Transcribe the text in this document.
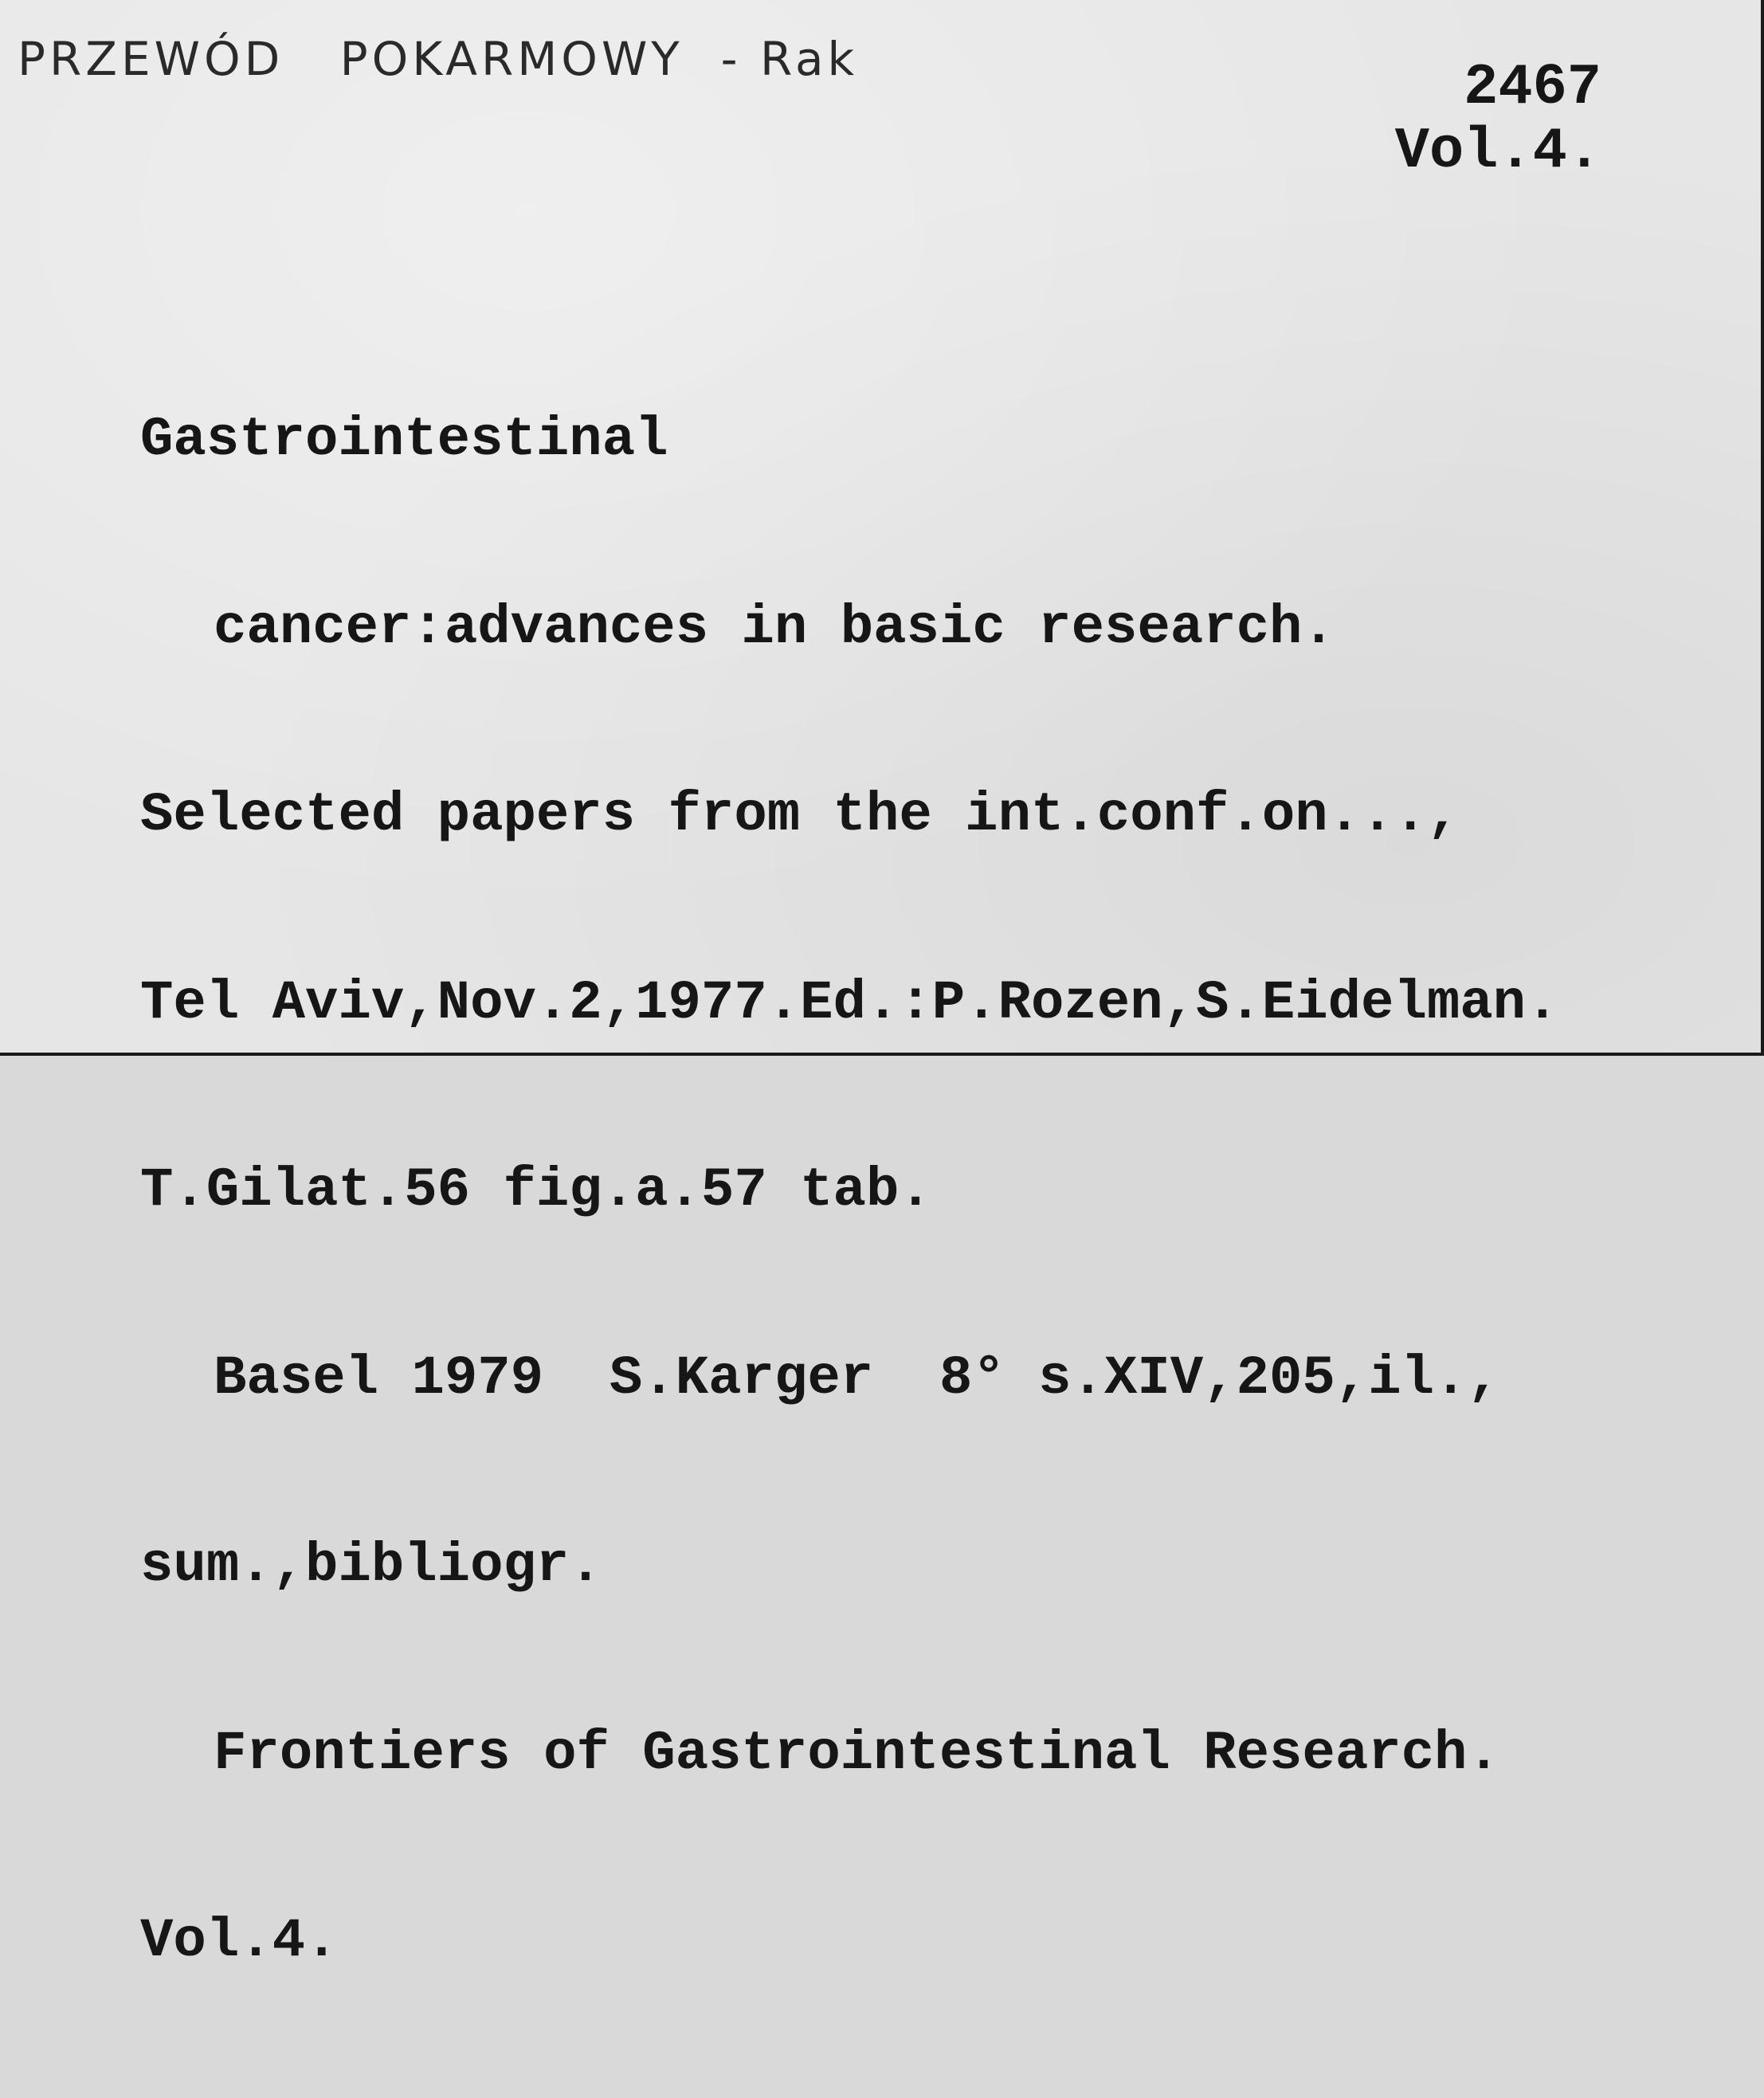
PRZEWÓD   POKARMOWY  - Rak	2467
Vol.4.

Gastrointestinal

cancer:advances in basic research.

Selected papers from the int.conf.on...,

Tel Aviv,Nov.2,1977.Ed.:P.Rozen,S.Eidelman.

T.Gilat.56 fig.a.57 tab.

Basel 1979  S.Karger  8° s.XIV,205,il.,

sum.,bibliogr.

Frontiers of Gastrointestinal Research.

Vol.4.
